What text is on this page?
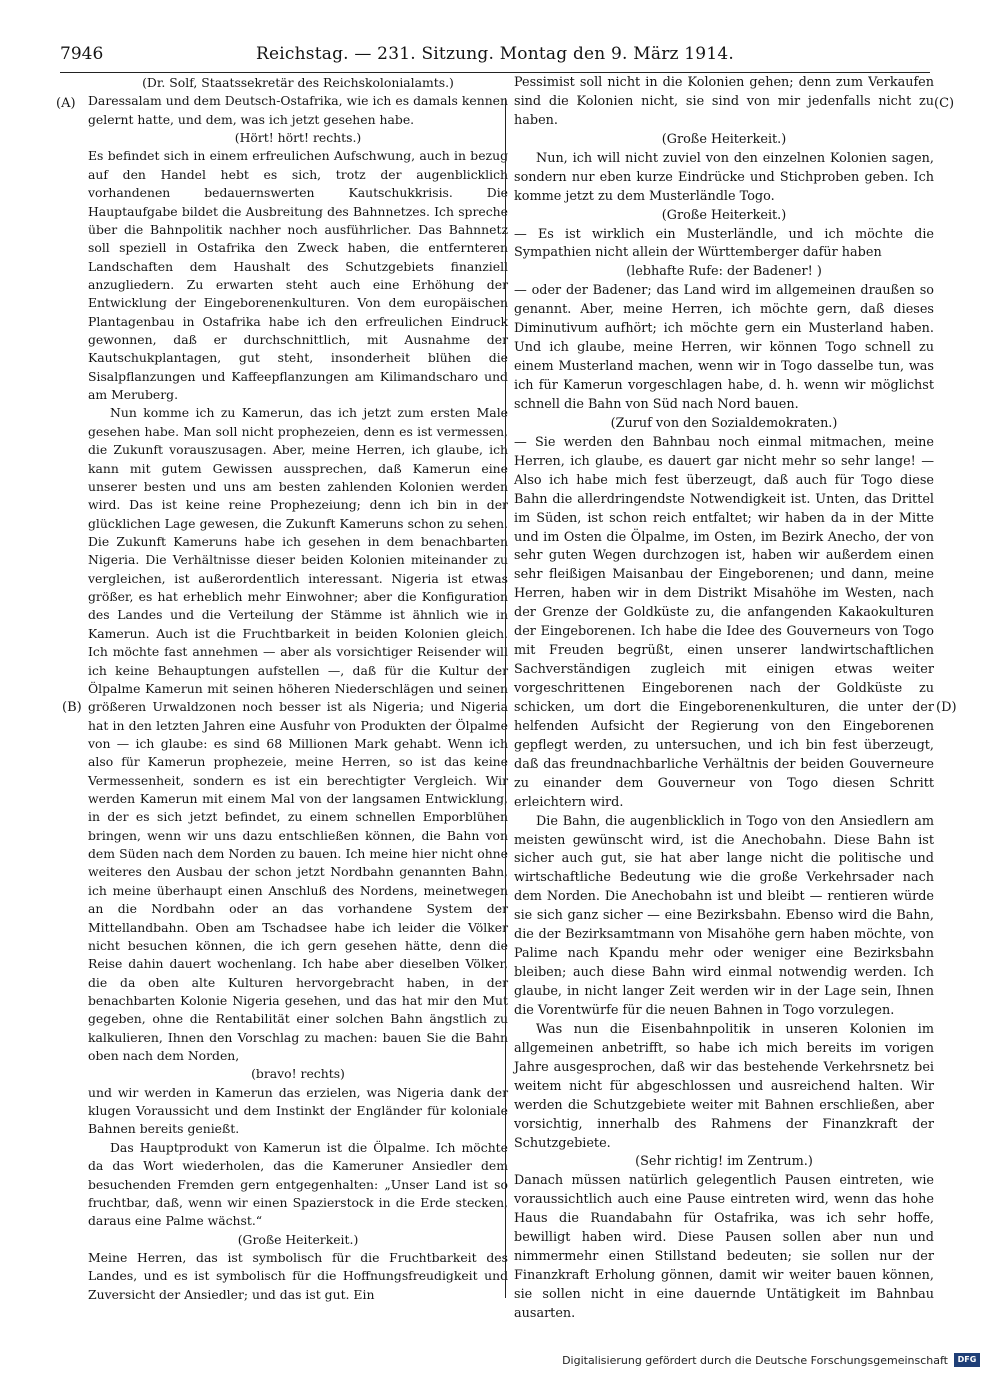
7946	Reichstag. — 231. Sitzung. Montag den 9. März 1914.
(A)
(B)
(C)
(D)

(Dr. Solf, Staatssekretär des Reichskolonialamts.)

Daressalam und dem Deutsch-Ostafrika, wie ich es damals kennen gelernt hatte, und dem, was ich jetzt gesehen habe.

(Hört! hört! rechts.)

Es befindet sich in einem erfreulichen Aufschwung, auch in bezug auf den Handel hebt es sich, trotz der augenblicklich vorhandenen bedauernswerten Kautschukkrisis. Die Hauptaufgabe bildet die Ausbreitung des Bahnnetzes. Ich spreche über die Bahnpolitik nachher noch ausführlicher. Das Bahnnetz soll speziell in Ostafrika den Zweck haben, die entfernteren Landschaften dem Haushalt des Schutzgebiets finanziell anzugliedern. Zu erwarten steht auch eine Erhöhung der Entwicklung der Eingeborenenkulturen. Von dem europäischen Plantagenbau in Ostafrika habe ich den erfreulichen Eindruck gewonnen, daß er durchschnittlich, mit Ausnahme der Kautschukplantagen, gut steht, insonderheit blühen die Sisalpflanzungen und Kaffeepflanzungen am Kilimandscharo und am Meruberg.

Nun komme ich zu Kamerun, das ich jetzt zum ersten Male gesehen habe. Man soll nicht prophezeien, denn es ist vermessen, die Zukunft vorauszusagen. Aber, meine Herren, ich glaube, ich kann mit gutem Gewissen aussprechen, daß Kamerun eine unserer besten und uns am besten zahlenden Kolonien werden wird. Das ist keine reine Prophezeiung; denn ich bin in der glücklichen Lage gewesen, die Zukunft Kameruns schon zu sehen. Die Zukunft Kameruns habe ich gesehen in dem benachbarten Nigeria. Die Verhältnisse dieser beiden Kolonien miteinander zu vergleichen, ist außerordentlich interessant. Nigeria ist etwas größer, es hat erheblich mehr Einwohner; aber die Konfiguration des Landes und die Verteilung der Stämme ist ähnlich wie in Kamerun. Auch ist die Fruchtbarkeit in beiden Kolonien gleich. Ich möchte fast annehmen — aber als vorsichtiger Reisender will ich keine Behauptungen aufstellen —, daß für die Kultur der Ölpalme Kamerun mit seinen höheren Niederschlägen und seinen größeren Urwaldzonen noch besser ist als Nigeria; und Nigeria hat in den letzten Jahren eine Ausfuhr von Produkten der Ölpalme von — ich glaube: es sind 68 Millionen Mark gehabt. Wenn ich also für Kamerun prophezeie, meine Herren, so ist das keine Vermessenheit, sondern es ist ein berechtigter Vergleich. Wir werden Kamerun mit einem Mal von der langsamen Entwicklung, in der es sich jetzt befindet, zu einem schnellen Emporblühen bringen, wenn wir uns dazu entschließen können, die Bahn von dem Süden nach dem Norden zu bauen. Ich meine hier nicht ohne weiteres den Ausbau der schon jetzt Nordbahn genannten Bahn, ich meine überhaupt einen Anschluß des Nordens, meinetwegen an die Nordbahn oder an das vorhandene System der Mittellandbahn. Oben am Tschadsee habe ich leider die Völker nicht besuchen können, die ich gern gesehen hätte, denn die Reise dahin dauert wochenlang. Ich habe aber dieselben Völker, die da oben alte Kulturen hervorgebracht haben, in der benachbarten Kolonie Nigeria gesehen, und das hat mir den Mut gegeben, ohne die Rentabilität einer solchen Bahn ängstlich zu kalkulieren, Ihnen den Vorschlag zu machen: bauen Sie die Bahn oben nach dem Norden,

(bravo! rechts)

und wir werden in Kamerun das erzielen, was Nigeria dank der klugen Voraussicht und dem Instinkt der Engländer für koloniale Bahnen bereits genießt.

Das Hauptprodukt von Kamerun ist die Ölpalme. Ich möchte da das Wort wiederholen, das die Kameruner Ansiedler dem besuchenden Fremden gern entgegenhalten: „Unser Land ist so fruchtbar, daß, wenn wir einen Spazierstock in die Erde stecken, daraus eine Palme wächst.“

(Große Heiterkeit.)

Meine Herren, das ist symbolisch für die Fruchtbarkeit des Landes, und es ist symbolisch für die Hoffnungsfreudigkeit und Zuversicht der Ansiedler; und das ist gut. Ein

Pessimist soll nicht in die Kolonien gehen; denn zum Verkaufen sind die Kolonien nicht, sie sind von mir jedenfalls nicht zu haben.

(Große Heiterkeit.)

Nun, ich will nicht zuviel von den einzelnen Kolonien sagen, sondern nur eben kurze Eindrücke und Stichproben geben. Ich komme jetzt zu dem Musterländle Togo.

(Große Heiterkeit.)

— Es ist wirklich ein Musterländle, und ich möchte die Sympathien nicht allein der Württemberger dafür haben

(lebhafte Rufe: der Badener! )

— oder der Badener; das Land wird im allgemeinen draußen so genannt. Aber, meine Herren, ich möchte gern, daß dieses Diminutivum aufhört; ich möchte gern ein Musterland haben. Und ich glaube, meine Herren, wir können Togo schnell zu einem Musterland machen, wenn wir in Togo dasselbe tun, was ich für Kamerun vorgeschlagen habe, d. h. wenn wir möglichst schnell die Bahn von Süd nach Nord bauen.

(Zuruf von den Sozialdemokraten.)

— Sie werden den Bahnbau noch einmal mitmachen, meine Herren, ich glaube, es dauert gar nicht mehr so sehr lange! — Also ich habe mich fest überzeugt, daß auch für Togo diese Bahn die allerdringendste Notwendigkeit ist. Unten, das Drittel im Süden, ist schon reich entfaltet; wir haben da in der Mitte und im Osten die Ölpalme, im Osten, im Bezirk Anecho, der von sehr guten Wegen durchzogen ist, haben wir außerdem einen sehr fleißigen Maisanbau der Eingeborenen; und dann, meine Herren, haben wir in dem Distrikt Misahöhe im Westen, nach der Grenze der Goldküste zu, die anfangenden Kakaokulturen der Eingeborenen. Ich habe die Idee des Gouverneurs von Togo mit Freuden begrüßt, einen unserer landwirtschaftlichen Sachverständigen zugleich mit einigen etwas weiter vorgeschrittenen Eingeborenen nach der Goldküste zu schicken, um dort die Eingeborenenkulturen, die unter der helfenden Aufsicht der Regierung von den Eingeborenen gepflegt werden, zu untersuchen, und ich bin fest überzeugt, daß das freundnachbarliche Verhältnis der beiden Gouverneure zu einander dem Gouverneur von Togo diesen Schritt erleichtern wird.

Die Bahn, die augenblicklich in Togo von den Ansiedlern am meisten gewünscht wird, ist die Anechobahn. Diese Bahn ist sicher auch gut, sie hat aber lange nicht die politische und wirtschaftliche Bedeutung wie die große Verkehrsader nach dem Norden. Die Anechobahn ist und bleibt — rentieren würde sie sich ganz sicher — eine Bezirksbahn. Ebenso wird die Bahn, die der Bezirksamtmann von Misahöhe gern haben möchte, von Palime nach Kpandu mehr oder weniger eine Bezirksbahn bleiben; auch diese Bahn wird einmal notwendig werden. Ich glaube, in nicht langer Zeit werden wir in der Lage sein, Ihnen die Vorentwürfe für die neuen Bahnen in Togo vorzulegen.

Was nun die Eisenbahnpolitik in unseren Kolonien im allgemeinen anbetrifft, so habe ich mich bereits im vorigen Jahre ausgesprochen, daß wir das bestehende Verkehrsnetz bei weitem nicht für abgeschlossen und ausreichend halten. Wir werden die Schutzgebiete weiter mit Bahnen erschließen, aber vorsichtig, innerhalb des Rahmens der Finanzkraft der Schutzgebiete.

(Sehr richtig! im Zentrum.)

Danach müssen natürlich gelegentlich Pausen eintreten, wie voraussichtlich auch eine Pause eintreten wird, wenn das hohe Haus die Ruandabahn für Ostafrika, was ich sehr hoffe, bewilligt haben wird. Diese Pausen sollen aber nun und nimmermehr einen Stillstand bedeuten; sie sollen nur der Finanzkraft Erholung gönnen, damit wir weiter bauen können, sie sollen nicht in eine dauernde Untätigkeit im Bahnbau ausarten.

Digitalisierung gefördert durch die Deutsche Forschungsgemeinschaft	DFG
